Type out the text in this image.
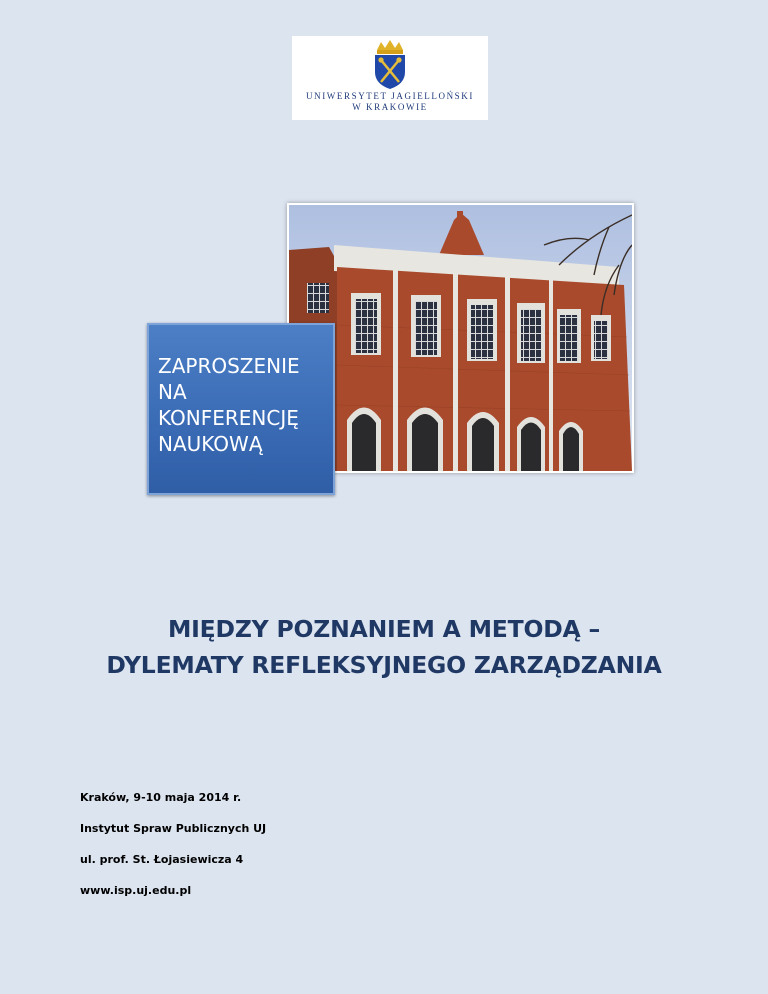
UNIWERSYTET JAGIELLOŃSKI
W KRAKOWIE
ZAPROSZENIE
NA
KONFERENCJĘ
NAUKOWĄ
MIĘDZY POZNANIEM A METODĄ –
DYLEMATY REFLEKSYJNEGO ZARZĄDZANIA
Kraków, 9-10 maja 2014 r.
Instytut Spraw Publicznych UJ
ul. prof. St. Łojasiewicza 4
www.isp.uj.edu.pl
